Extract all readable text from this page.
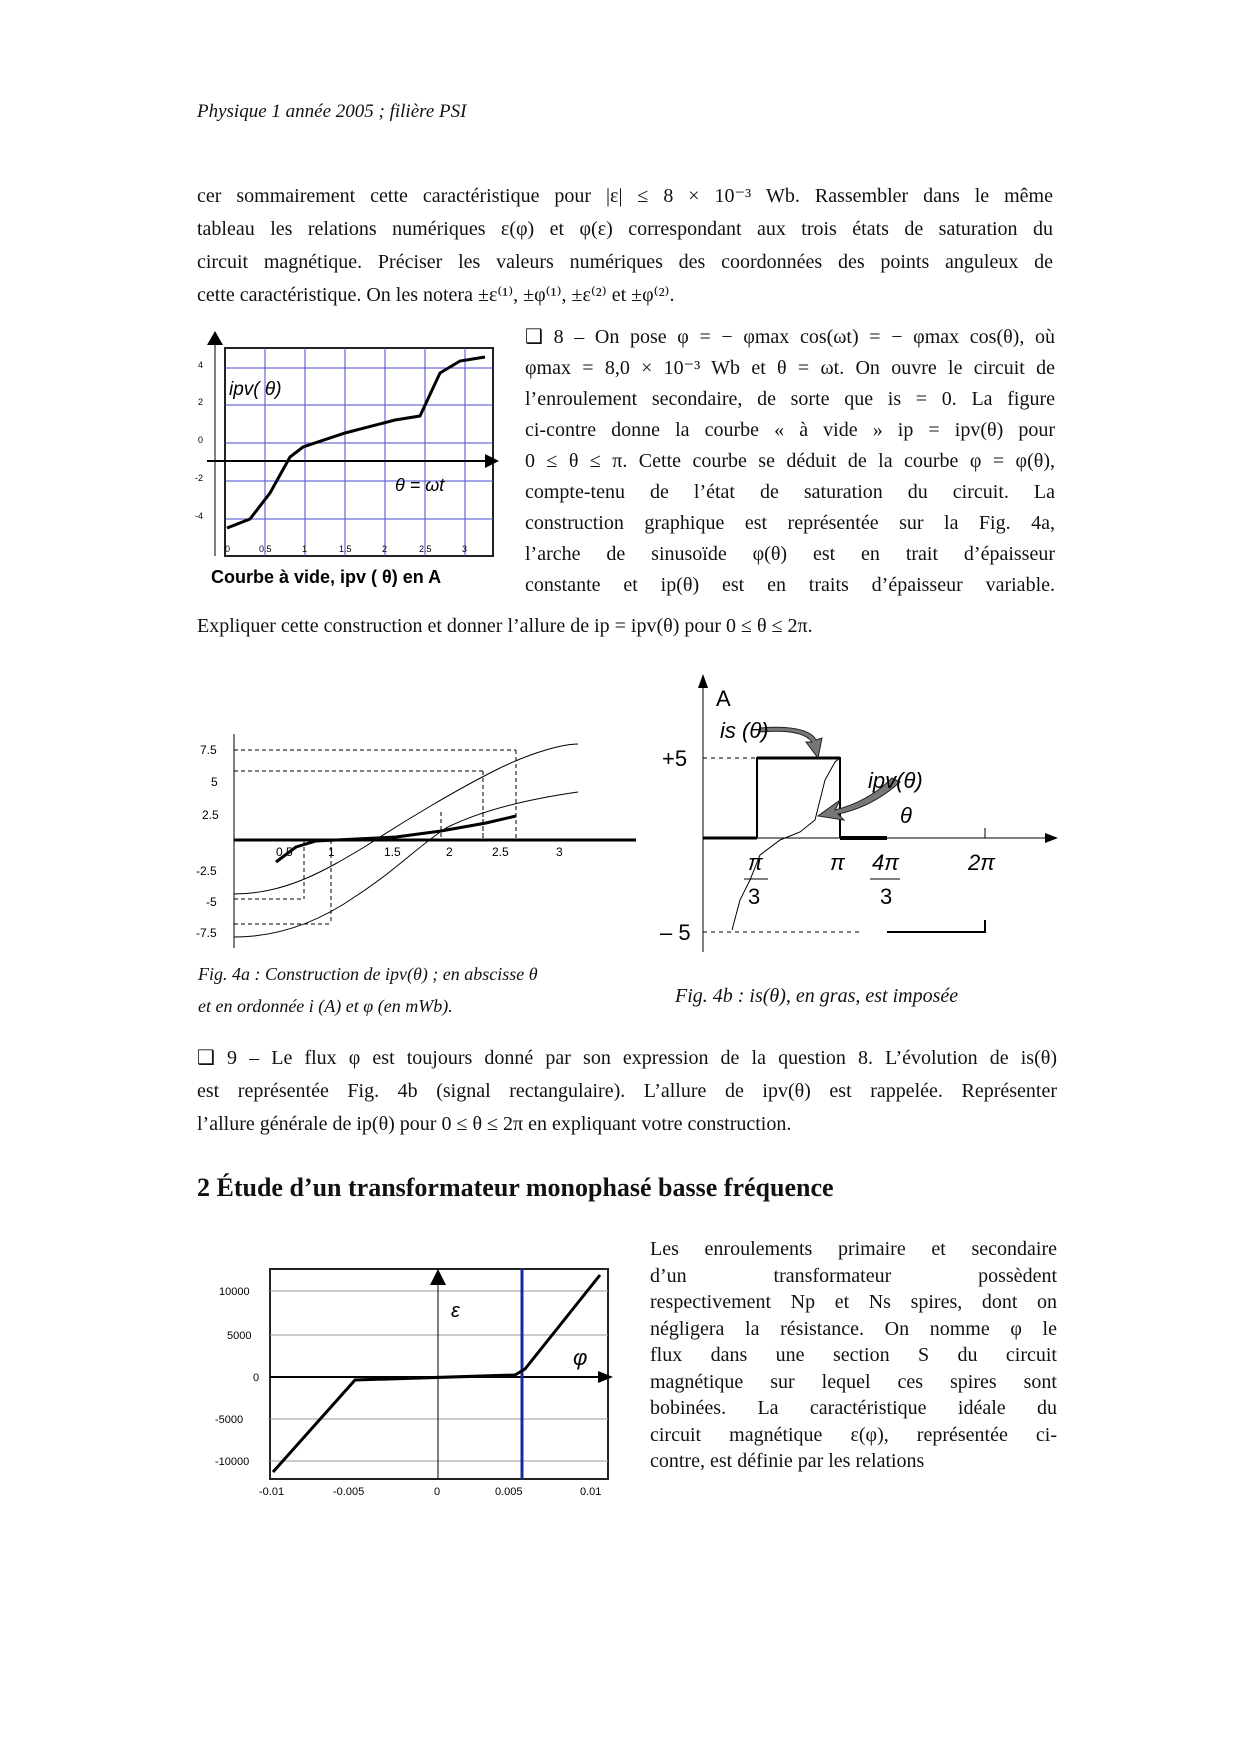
Physique 1 année 2005 ; filière PSI
cer sommairement cette caractéristique pour |ε| ≤ 8 × 10⁻³ Wb. Rassembler dans le même
tableau les relations numériques ε(φ) et φ(ε) correspondant aux trois états de saturation du
circuit magnétique. Préciser les valeurs numériques des coordonnées des points anguleux de
cette caractéristique. On les notera ±ε⁽¹⁾, ±φ⁽¹⁾, ±ε⁽²⁾ et ±φ⁽²⁾.
ipv( θ)
θ = ωt
4
2
0
-2
-4
0	0.5	1	1.5	2	2.5	3
Courbe à vide, ipv ( θ) en A
❑ 8 – On pose φ = − φmax cos(ωt) = − φmax cos(θ), où
φmax = 8,0 × 10⁻³ Wb et θ = ωt. On ouvre le circuit de
l’enroulement secondaire, de sorte que is = 0. La figure
ci-contre donne la courbe « à vide » ip = ipv(θ) pour
0 ≤ θ ≤ π. Cette courbe se déduit de la courbe φ = φ(θ),
compte-tenu de l’état de saturation du circuit. La
construction graphique est représentée sur la Fig. 4a,
l’arche de sinusoïde φ(θ) est en trait d’épaisseur
constante et ip(θ) est en traits d’épaisseur variable.
Expliquer cette construction et donner l’allure de ip = ipv(θ) pour 0 ≤ θ ≤ 2π.
7.5
5
2.5
-2.5
-5
-7.5
0.5	1	1.5	2	2.5	3
Fig. 4a : Construction de ipv(θ) ; en abscisse θ
et en ordonnée i (A) et φ (en mWb).
A
is (θ)
ipv(θ)
+5
– 5
θ
π
3
π 4π
3
2π
Fig. 4b : is(θ), en gras, est imposée
❑ 9 – Le flux φ est toujours donné par son expression de la question 8. L’évolution de is(θ)
est représentée Fig. 4b (signal rectangulaire). L’allure de ipv(θ) est rappelée. Représenter
l’allure générale de ip(θ) pour 0 ≤ θ ≤ 2π en expliquant votre construction.
2 Étude d’un transformateur monophasé basse fréquence
ε
φ
10000
5000
0
-5000
-10000
-0.01	-0.005	0	0.005	0.01
Les enroulements primaire et secondaire
d’un transformateur possèdent
respectivement Np et Ns spires, dont on
négligera la résistance. On nomme φ le
flux dans une section S du circuit
magnétique sur lequel ces spires sont
bobinées. La caractéristique idéale du
circuit magnétique ε(φ), représentée ci-
contre, est définie par les relations
